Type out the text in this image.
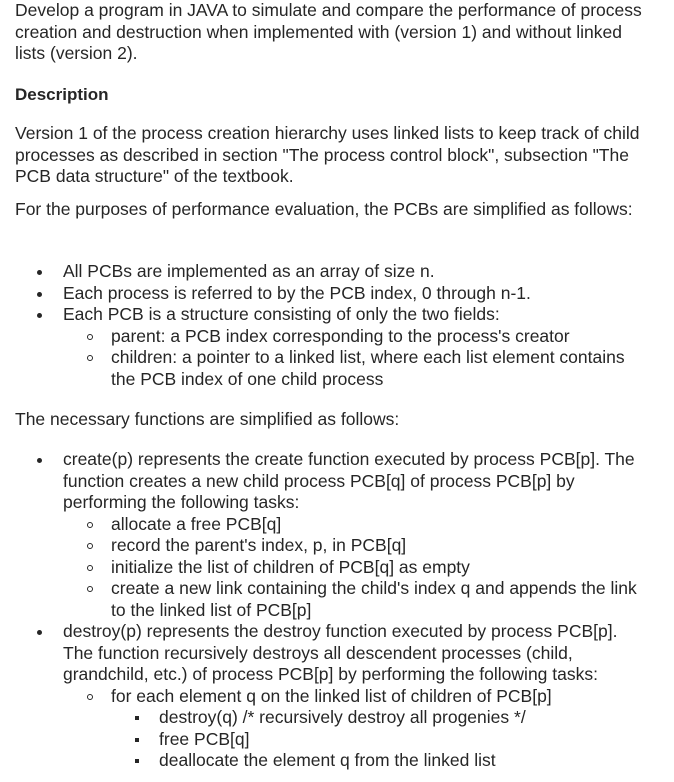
Develop a program in JAVA to simulate and compare the performance of process creation and destruction when implemented with (version 1) and without linked lists (version 2).

Description

Version 1 of the process creation hierarchy uses linked lists to keep track of child processes as described in section "The process control block", subsection "The PCB data structure" of the textbook.

For the purposes of performance evaluation, the PCBs are simplified as follows:

All PCBs are implemented as an array of size n.
Each process is referred to by the PCB index, 0 through n-1.
Each PCB is a structure consisting of only the two fields:
parent: a PCB index corresponding to the process's creator
children: a pointer to a linked list, where each list element contains the PCB index of one child process

The necessary functions are simplified as follows:

create(p) represents the create function executed by process PCB[p]. The function creates a new child process PCB[q] of process PCB[p] by performing the following tasks:
allocate a free PCB[q]
record the parent's index, p, in PCB[q]
initialize the list of children of PCB[q] as empty
create a new link containing the child's index q and appends the link to the linked list of PCB[p]
destroy(p) represents the destroy function executed by process PCB[p]. The function recursively destroys all descendent processes (child, grandchild, etc.) of process PCB[p] by performing the following tasks:
for each element q on the linked list of children of PCB[p]
destroy(q) /* recursively destroy all progenies */
free PCB[q]
deallocate the element q from the linked list
